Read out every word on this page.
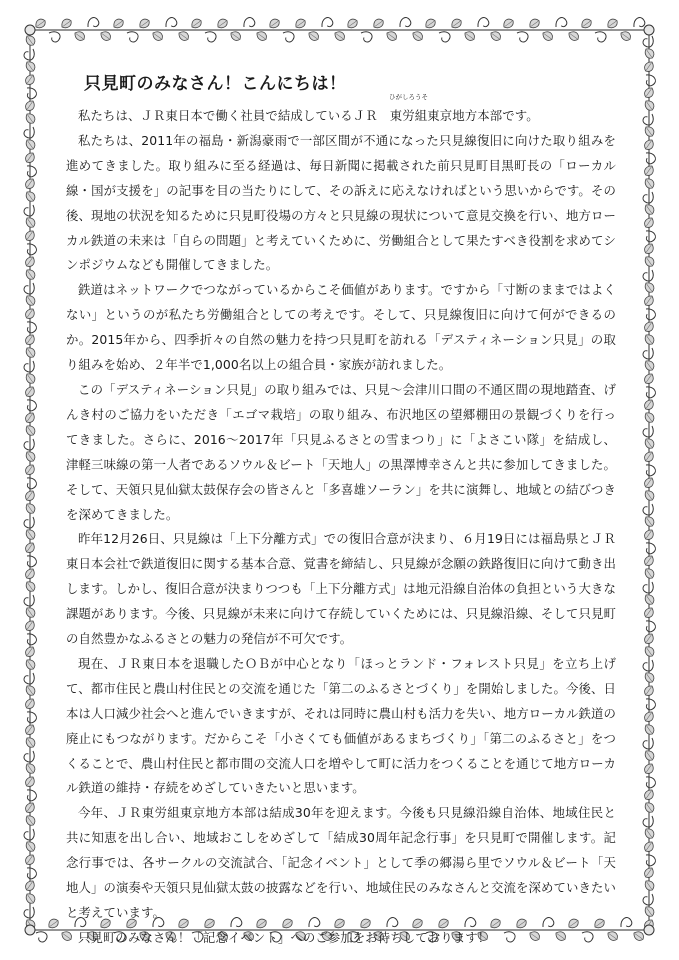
只見町のみなさん！こんにちは！

私たちは、ＪＲ東日本で働く社員で結成しているＪＲ
ひがしろうそ
東労組東京地方本部です。

私たちは、2011年の福島・新潟豪雨で一部区間が不通になった只見線復旧に向けた取り組みを進めてきました。取り組みに至る経過は、毎日新聞に掲載された前只見町目黒町長の「ローカル線・国が支援を」の記事を目の当たりにして、その訴えに応えなければという思いからです。その後、現地の状況を知るために只見町役場の方々と只見線の現状について意見交換を行い、地方ローカル鉄道の未来は「自らの問題」と考えていくために、労働組合として果たすべき役割を求めてシンポジウムなども開催してきました。

鉄道はネットワークでつながっているからこそ価値があります。ですから「寸断のままではよくない」というのが私たち労働組合としての考えです。そして、只見線復旧に向けて何ができるのか。2015年から、四季折々の自然の魅力を持つ只見町を訪れる「デスティネーション只見」の取り組みを始め、２年半で1,000名以上の組合員・家族が訪れました。

この「デスティネーション只見」の取り組みでは、只見～会津川口間の不通区間の現地踏査、げんき村のご協力をいただき「エゴマ栽培」の取り組み、布沢地区の望郷棚田の景観づくりを行ってきました。さらに、2016～2017年「只見ふるさとの雪まつり」に「よさこい隊」を結成し、津軽三味線の第一人者であるソウル＆ビート「天地人」の黒澤博幸さんと共に参加してきました。そして、天領只見仙獄太鼓保存会の皆さんと「多喜雄ソーラン」を共に演舞し、地域との結びつきを深めてきました。

昨年12月26日、只見線は「上下分離方式」での復旧合意が決まり、６月19日には福島県とＪＲ東日本会社で鉄道復旧に関する基本合意、覚書を締結し、只見線が念願の鉄路復旧に向けて動き出します。しかし、復旧合意が決まりつつも「上下分離方式」は地元沿線自治体の負担という大きな課題があります。今後、只見線が未来に向けて存続していくためには、只見線沿線、そして只見町の自然豊かなふるさとの魅力の発信が不可欠です。

現在、ＪＲ東日本を退職したＯＢが中心となり「ほっとランド・フォレスト只見」を立ち上げて、都市住民と農山村住民との交流を通じた「第二のふるさとづくり」を開始しました。今後、日本は人口減少社会へと進んでいきますが、それは同時に農山村も活力を失い、地方ローカル鉄道の廃止にもつながります。だからこそ「小さくても価値があるまちづくり」「第二のふるさと」をつくることで、農山村住民と都市間の交流人口を増やして町に活力をつくることを通じて地方ローカル鉄道の維持・存続をめざしていきたいと思います。

今年、ＪＲ東労組東京地方本部は結成30年を迎えます。今後も只見線沿線自治体、地域住民と共に知恵を出し合い、地域おこしをめざして「結成30周年記念行事」を只見町で開催します。記念行事では、各サークルの交流試合、「記念イベント」として季の郷湯ら里でソウル＆ビート「天地人」の演奏や天領只見仙獄太鼓の披露などを行い、地域住民のみなさんと交流を深めていきたいと考えています。

只見町のみなさん！「記念イベント」へのご参加をお待ちしております！
